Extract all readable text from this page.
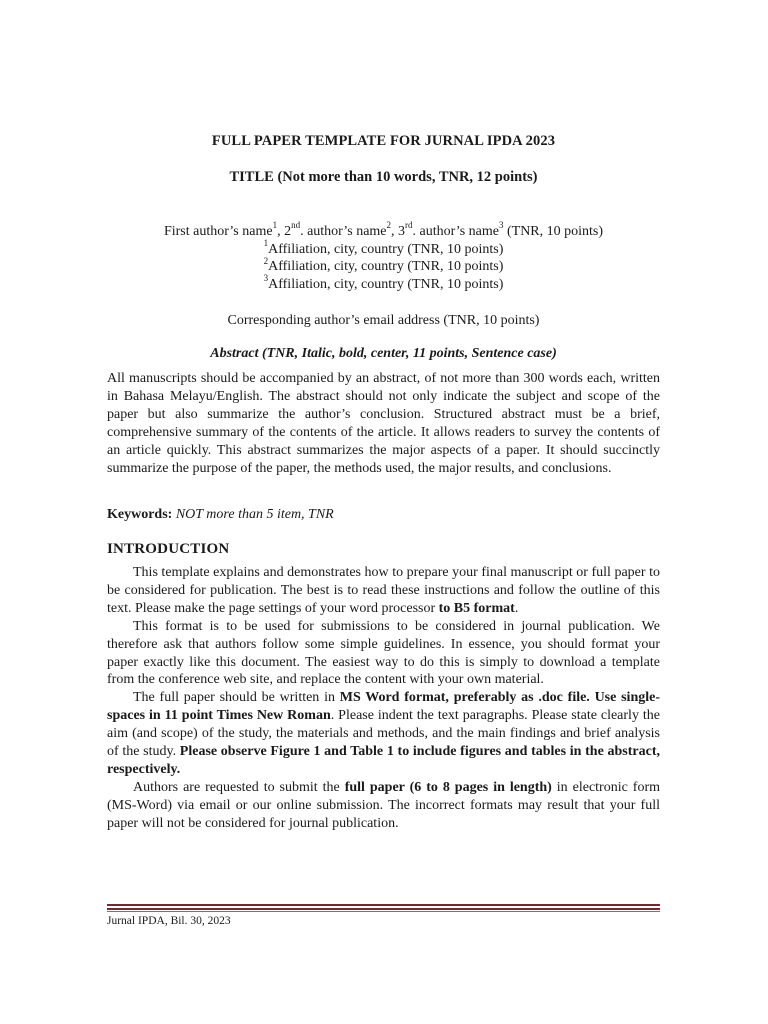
FULL PAPER TEMPLATE FOR JURNAL IPDA 2023
TITLE (Not more than 10 words, TNR, 12 points)
First author’s name$^1$, 2nd. author’s name$^2$, 3rd. author’s name$^3$ (TNR, 10 points)
$^1$Affiliation, city, country (TNR, 10 points)
$^2$Affiliation, city, country (TNR, 10 points)
$^3$Affiliation, city, country (TNR, 10 points)
Corresponding author’s email address (TNR, 10 points)
Abstract (TNR, Italic, bold, center, 11 points, Sentence case)
All manuscripts should be accompanied by an abstract, of not more than 300 words each, written in Bahasa Melayu/English. The abstract should not only indicate the subject and scope of the paper but also summarize the author’s conclusion. Structured abstract must be a brief, comprehensive summary of the contents of the article. It allows readers to survey the contents of an article quickly. This abstract summarizes the major aspects of a paper. It should succinctly summarize the purpose of the paper, the methods used, the major results, and conclusions.
Keywords: NOT more than 5 item, TNR
INTRODUCTION

This template explains and demonstrates how to prepare your final manuscript or full paper to be considered for publication. The best is to read these instructions and follow the outline of this text. Please make the page settings of your word processor to B5 format.

This format is to be used for submissions to be considered in journal publication. We therefore ask that authors follow some simple guidelines. In essence, you should format your paper exactly like this document. The easiest way to do this is simply to download a template from the conference web site, and replace the content with your own material.

The full paper should be written in MS Word format, preferably as .doc file. Use single-spaces in 11 point Times New Roman. Please indent the text paragraphs. Please state clearly the aim (and scope) of the study, the materials and methods, and the main findings and brief analysis of the study. Please observe Figure 1 and Table 1 to include figures and tables in the abstract, respectively.

Authors are requested to submit the full paper (6 to 8 pages in length) in electronic form (MS-Word) via email or our online submission. The incorrect formats may result that your full paper will not be considered for journal publication.

Jurnal IPDA, Bil. 30, 2023
